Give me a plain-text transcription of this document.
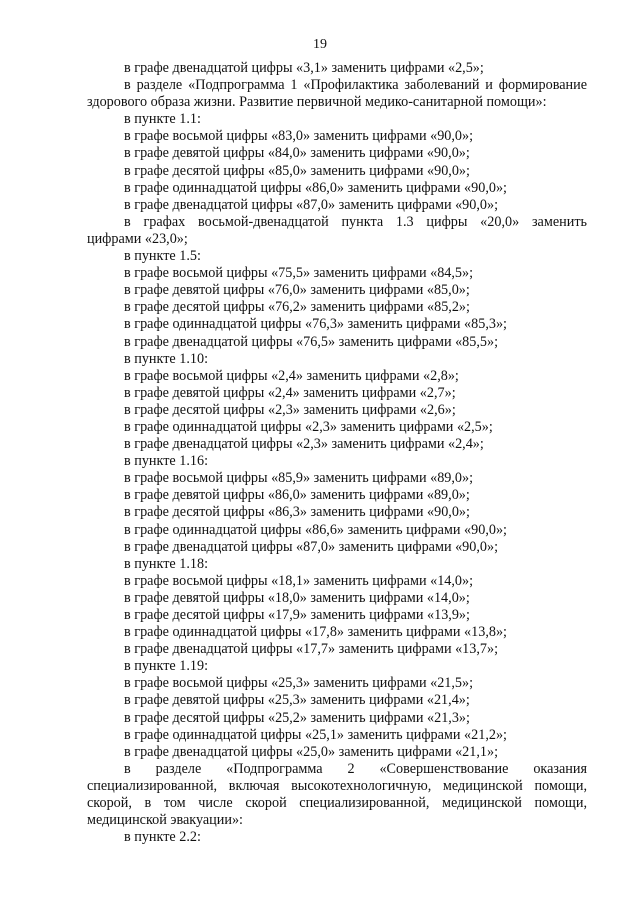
19
в графе двенадцатой цифры «3,1» заменить цифрами «2,5»;
в разделе «Подпрограмма 1 «Профилактика заболеваний и формирование
здорового образа жизни. Развитие первичной медико-санитарной помощи»:
в пункте 1.1:
в графе восьмой цифры «83,0» заменить цифрами «90,0»;
в графе девятой цифры «84,0» заменить цифрами «90,0»;
в графе десятой цифры «85,0» заменить цифрами «90,0»;
в графе одиннадцатой цифры «86,0» заменить цифрами «90,0»;
в графе двенадцатой цифры «87,0» заменить цифрами «90,0»;
в графах восьмой-двенадцатой пункта 1.3 цифры «20,0» заменить
цифрами «23,0»;
в пункте 1.5:
в графе восьмой цифры «75,5» заменить цифрами «84,5»;
в графе девятой цифры «76,0» заменить цифрами «85,0»;
в графе десятой цифры «76,2» заменить цифрами «85,2»;
в графе одиннадцатой цифры «76,3» заменить цифрами «85,3»;
в графе двенадцатой цифры «76,5» заменить цифрами «85,5»;
в пункте 1.10:
в графе восьмой цифры «2,4» заменить цифрами «2,8»;
в графе девятой цифры «2,4» заменить цифрами «2,7»;
в графе десятой цифры «2,3» заменить цифрами «2,6»;
в графе одиннадцатой цифры «2,3» заменить цифрами «2,5»;
в графе двенадцатой цифры «2,3» заменить цифрами «2,4»;
в пункте 1.16:
в графе восьмой цифры «85,9» заменить цифрами «89,0»;
в графе девятой цифры «86,0» заменить цифрами «89,0»;
в графе десятой цифры «86,3» заменить цифрами «90,0»;
в графе одиннадцатой цифры «86,6» заменить цифрами «90,0»;
в графе двенадцатой цифры «87,0» заменить цифрами «90,0»;
в пункте 1.18:
в графе восьмой цифры «18,1» заменить цифрами «14,0»;
в графе девятой цифры «18,0» заменить цифрами «14,0»;
в графе десятой цифры «17,9» заменить цифрами «13,9»;
в графе одиннадцатой цифры «17,8» заменить цифрами «13,8»;
в графе двенадцатой цифры «17,7» заменить цифрами «13,7»;
в пункте 1.19:
в графе восьмой цифры «25,3» заменить цифрами «21,5»;
в графе девятой цифры «25,3» заменить цифрами «21,4»;
в графе десятой цифры «25,2» заменить цифрами «21,3»;
в графе одиннадцатой цифры «25,1» заменить цифрами «21,2»;
в графе двенадцатой цифры «25,0» заменить цифрами «21,1»;
в разделе «Подпрограмма 2 «Совершенствование оказания
специализированной, включая высокотехнологичную, медицинской помощи,
скорой, в том числе скорой специализированной, медицинской помощи,
медицинской эвакуации»:
в пункте 2.2:
